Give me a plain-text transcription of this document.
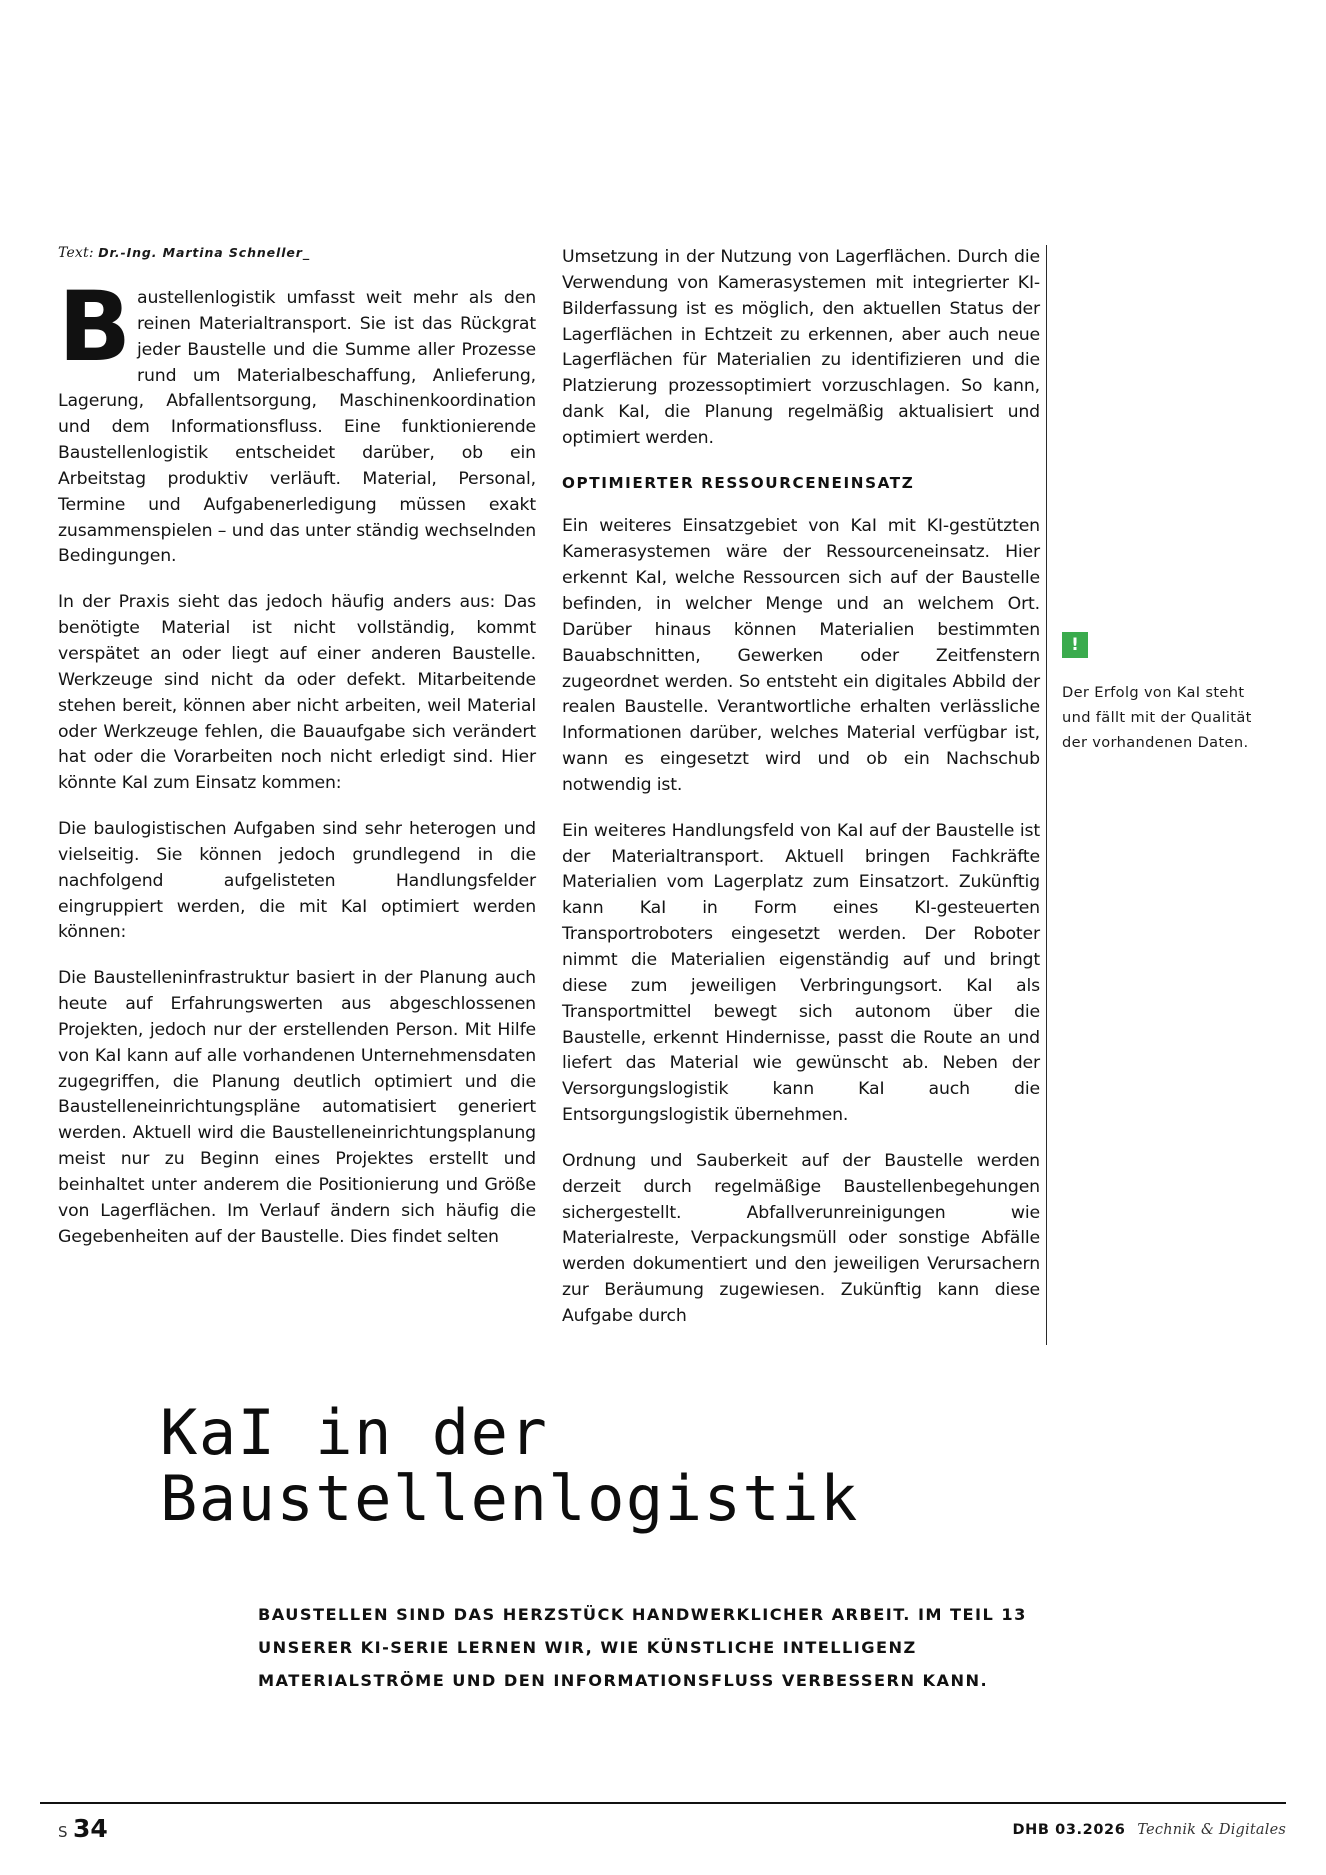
Text: Dr.-Ing. Martina Schneller_

Baustellenlogistik umfasst weit mehr als den reinen Materialtransport. Sie ist das Rückgrat jeder Baustelle und die Summe aller Prozesse rund um Materialbeschaffung, Anlieferung, Lagerung, Abfallentsorgung, Maschinenkoordination und dem Informationsfluss. Eine funktionierende Baustellenlogistik entscheidet darüber, ob ein Arbeitstag produktiv verläuft. Material, Personal, Termine und Aufgabenerledigung müssen exakt zusammenspielen – und das unter ständig wechselnden Bedingungen.

In der Praxis sieht das jedoch häufig anders aus: Das benötigte Material ist nicht vollständig, kommt verspätet an oder liegt auf einer anderen Baustelle. Werkzeuge sind nicht da oder defekt. Mitarbeitende stehen bereit, können aber nicht arbeiten, weil Material oder Werkzeuge fehlen, die Bauaufgabe sich verändert hat oder die Vorarbeiten noch nicht erledigt sind. Hier könnte KaI zum Einsatz kommen:

Die baulogistischen Aufgaben sind sehr heterogen und vielseitig. Sie können jedoch grundlegend in die nachfolgend aufgelisteten Handlungsfelder eingruppiert werden, die mit KaI optimiert werden können:

Die Baustelleninfrastruktur basiert in der Planung auch heute auf Erfahrungswerten aus abgeschlossenen Projekten, jedoch nur der erstellenden Person. Mit Hilfe von KaI kann auf alle vorhandenen Unternehmensdaten zugegriffen, die Planung deutlich optimiert und die Baustelleneinrichtungspläne automatisiert generiert werden. Aktuell wird die Baustelleneinrichtungsplanung meist nur zu Beginn eines Projektes erstellt und beinhaltet unter anderem die Positionierung und Größe von Lagerflächen. Im Verlauf ändern sich häufig die Gegebenheiten auf der Baustelle. Dies findet selten

Umsetzung in der Nutzung von Lagerflächen. Durch die Verwendung von Kamerasystemen mit integrierter KI-Bilderfassung ist es möglich, den aktuellen Status der Lagerflächen in Echtzeit zu erkennen, aber auch neue Lagerflächen für Materialien zu identifizieren und die Platzierung prozessoptimiert vorzuschlagen. So kann, dank KaI, die Planung regelmäßig aktualisiert und optimiert werden.

OPTIMIERTER RESSOURCENEINSATZ

Ein weiteres Einsatzgebiet von KaI mit KI-gestützten Kamerasystemen wäre der Ressourceneinsatz. Hier erkennt KaI, welche Ressourcen sich auf der Baustelle befinden, in welcher Menge und an welchem Ort. Darüber hinaus können Materialien bestimmten Bauabschnitten, Gewerken oder Zeitfenstern zugeordnet werden. So entsteht ein digitales Abbild der realen Baustelle. Verantwortliche erhalten verlässliche Informationen darüber, welches Material verfügbar ist, wann es eingesetzt wird und ob ein Nachschub notwendig ist.

Ein weiteres Handlungsfeld von KaI auf der Baustelle ist der Materialtransport. Aktuell bringen Fachkräfte Materialien vom Lagerplatz zum Einsatzort. Zukünftig kann KaI in Form eines KI-gesteuerten Transportroboters eingesetzt werden. Der Roboter nimmt die Materialien eigenständig auf und bringt diese zum jeweiligen Verbringungsort. KaI als Transportmittel bewegt sich autonom über die Baustelle, erkennt Hindernisse, passt die Route an und liefert das Material wie gewünscht ab. Neben der Versorgungslogistik kann KaI auch die Entsorgungslogistik übernehmen.

Ordnung und Sauberkeit auf der Baustelle werden derzeit durch regelmäßige Baustellenbegehungen sichergestellt. Abfallverunreinigungen wie Materialreste, Verpackungsmüll oder sonstige Abfälle werden dokumentiert und den jeweiligen Verursachern zur Beräumung zugewiesen. Zukünftig kann diese Aufgabe durch

!
Der Erfolg von KaI steht und fällt mit der Qualität der vorhandenen Daten.
KaI in der
Baustellenlogistik
BAUSTELLEN SIND DAS HERZSTÜCK HANDWERKLICHER ARBEIT. IM TEIL 13 UNSERER KI-SERIE LERNEN WIR, WIE KÜNSTLICHE INTELLIGENZ MATERIALSTRÖME UND DEN INFORMATIONSFLUSS VERBESSERN KANN.
S 34	DHB 03.2026 Technik & Digitales
